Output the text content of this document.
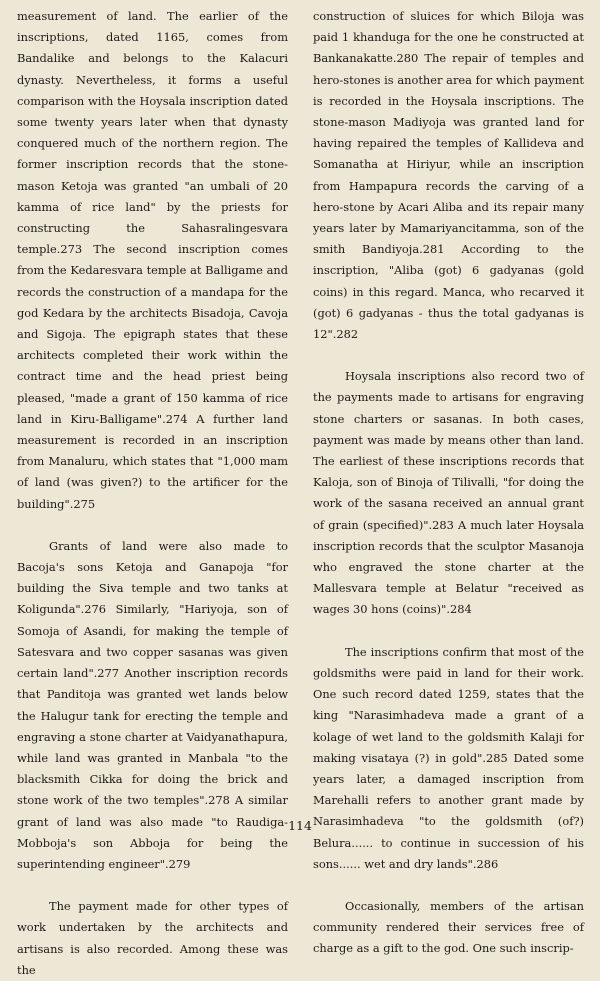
measurement of land. The earlier of the inscriptions, dated 1165, comes from Bandalike and belongs to the Kalacuri dynasty. Nevertheless, it forms a useful comparison with the Hoysala inscription dated some twenty years later when that dynasty conquered much of the northern region. The former inscription records that the stone-mason Ketoja was granted "an umbali of 20 kamma of rice land" by the priests for constructing the Sahasralingesvara temple.273 The second inscription comes from the Kedaresvara temple at Balligame and records the construction of a mandapa for the god Kedara by the architects Bisadoja, Cavoja and Sigoja. The epigraph states that these architects completed their work within the contract time and the head priest being pleased, "made a grant of 150 kamma of rice land in Kiru-Balligame".274 A further land measurement is recorded in an inscription from Manaluru, which states that "1,000 mam of land (was given?) to the artificer for the building".275

Grants of land were also made to Bacoja's sons Ketoja and Ganapoja "for building the Siva temple and two tanks at Koligunda".276 Similarly, "Hariyoja, son of Somoja of Asandi, for making the temple of Satesvara and two copper sasanas was given certain land".277 Another inscription records that Panditoja was granted wet lands below the Halugur tank for erecting the temple and engraving a stone charter at Vaidyanathapura, while land was granted in Manbala "to the blacksmith Cikka for doing the brick and stone work of the two temples".278 A similar grant of land was also made "to Raudiga-Mobboja's son Abboja for being the superintending engineer".279

The payment made for other types of work undertaken by the architects and artisans is also recorded. Among these was the

construction of sluices for which Biloja was paid 1 khanduga for the one he constructed at Bankanakatte.280 The repair of temples and hero-stones is another area for which payment is recorded in the Hoysala inscriptions. The stone-mason Madiyoja was granted land for having repaired the temples of Kallideva and Somanatha at Hiriyur, while an inscription from Hampapura records the carving of a hero-stone by Acari Aliba and its repair many years later by Mamariyancitamma, son of the smith Bandiyoja.281 According to the inscription, "Aliba (got) 6 gadyanas (gold coins) in this regard. Manca, who recarved it (got) 6 gadyanas - thus the total gadyanas is 12".282

Hoysala inscriptions also record two of the payments made to artisans for engraving stone charters or sasanas. In both cases, payment was made by means other than land. The earliest of these inscriptions records that Kaloja, son of Binoja of Tilivalli, "for doing the work of the sasana received an annual grant of grain (specified)".283 A much later Hoysala inscription records that the sculptor Masanoja who engraved the stone charter at the Mallesvara temple at Belatur "received as wages 30 hons (coins)".284

The inscriptions confirm that most of the goldsmiths were paid in land for their work. One such record dated 1259, states that the king "Narasimhadeva made a grant of a kolage of wet land to the goldsmith Kalaji for making visataya (?) in gold".285 Dated some years later, a damaged inscription from Marehalli refers to another grant made by Narasimhadeva "to the goldsmith (of?) Belura...... to continue in succession of his sons...... wet and dry lands".286

Occasionally, members of the artisan community rendered their services free of charge as a gift to the god. One such inscrip-

114
